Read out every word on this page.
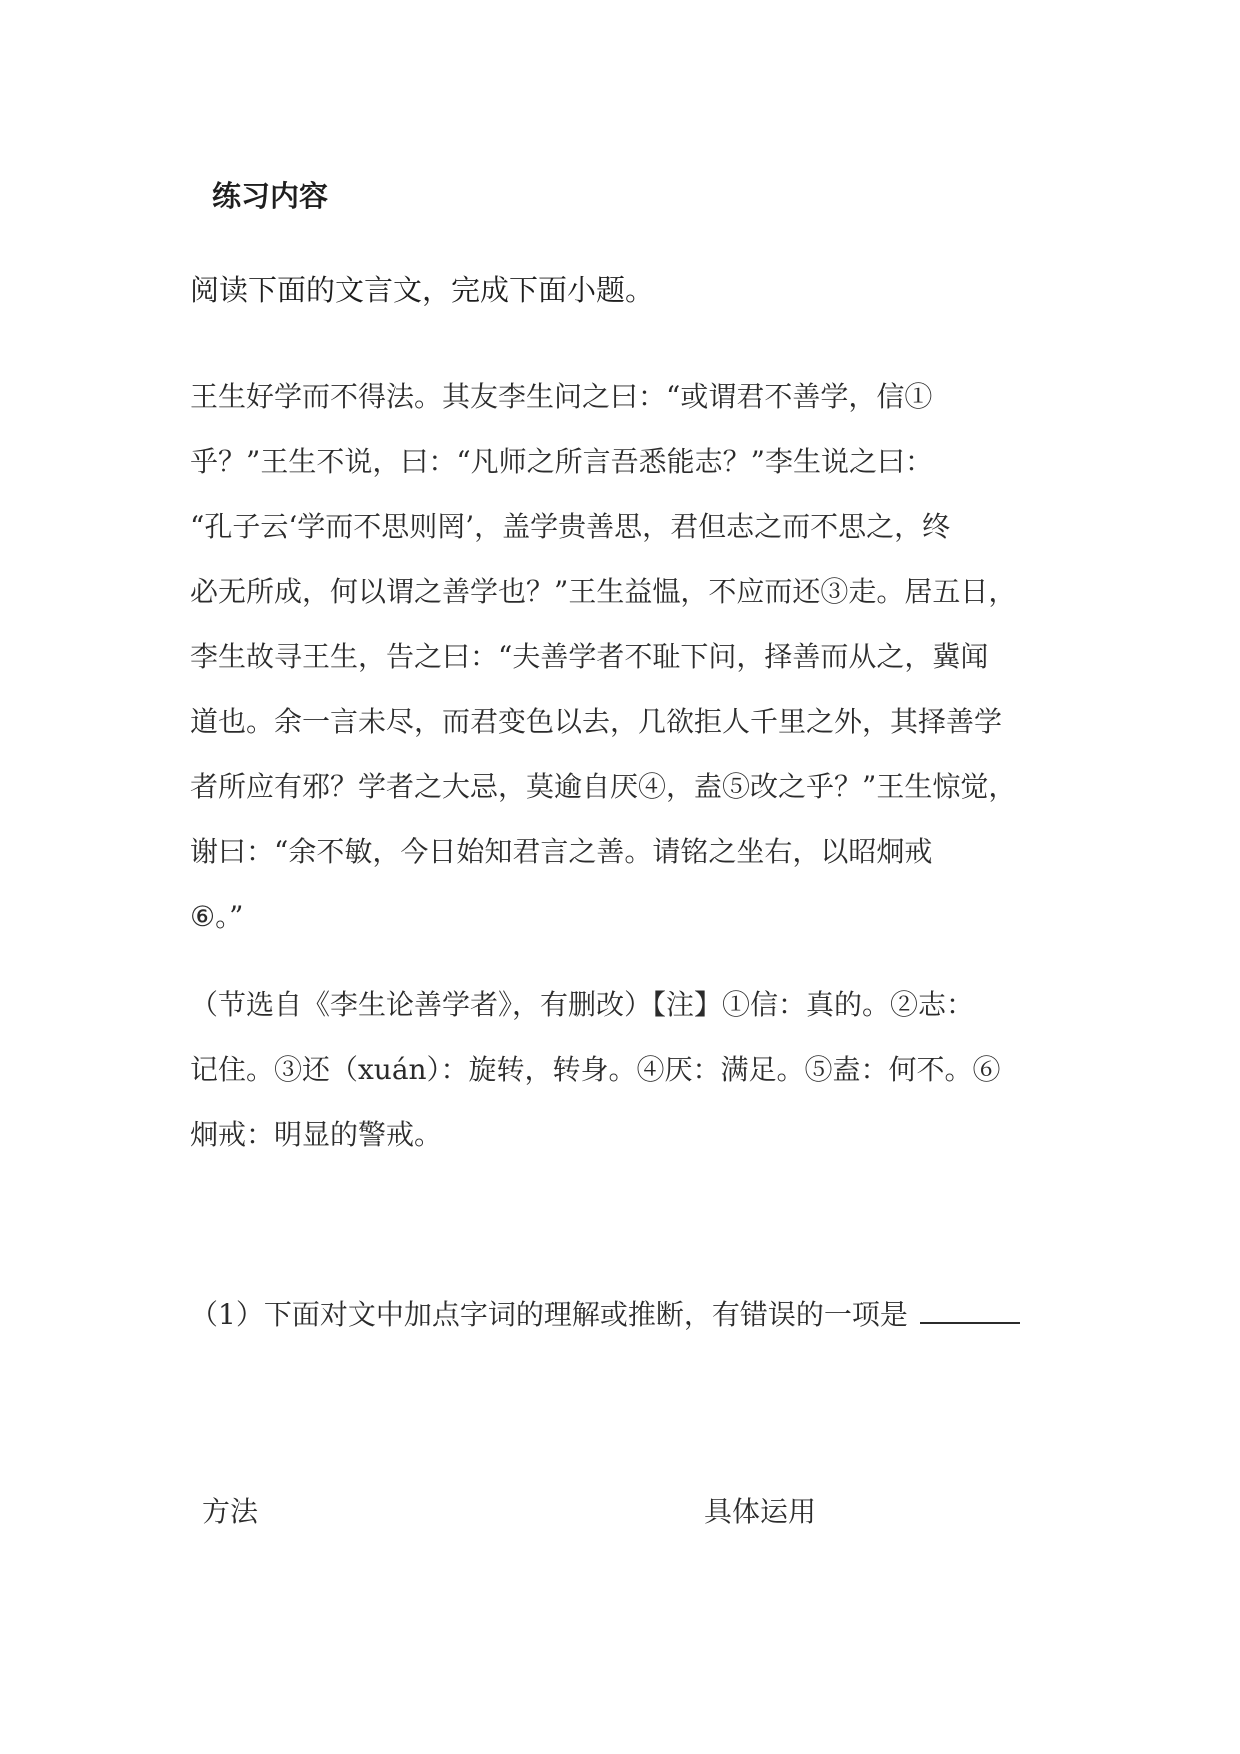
练习内容

阅读下面的文言文，完成下面小题。

王生好学而不得法。其友李生问之曰：“或谓君不善学，信①
乎？”王生不说，曰：“凡师之所言吾悉能志？”李生说之曰：
“孔子云‘学而不思则罔’，盖学贵善思，君但志之而不思之，终
必无所成，何以谓之善学也？”王生益愠，不应而还③走。居五日，
李生故寻王生，告之曰：“夫善学者不耻下问，择善而从之，冀闻
道也。余一言未尽，而君变色以去，几欲拒人千里之外，其择善学
者所应有邪？学者之大忌，莫逾自厌④，盍⑤改之乎？”王生惊觉，
谢曰：“余不敏，今日始知君言之善。请铭之坐右，以昭炯戒
⑥。”
（节选自《李生论善学者》，有删改）【注】①信：真的。②志：
记住。③还（xuán）：旋转，转身。④厌：满足。⑤盍：何不。⑥
炯戒：明显的警戒。
（1）下面对文中加点字词的理解或推断，有错误的一项是
方法	具体运用
